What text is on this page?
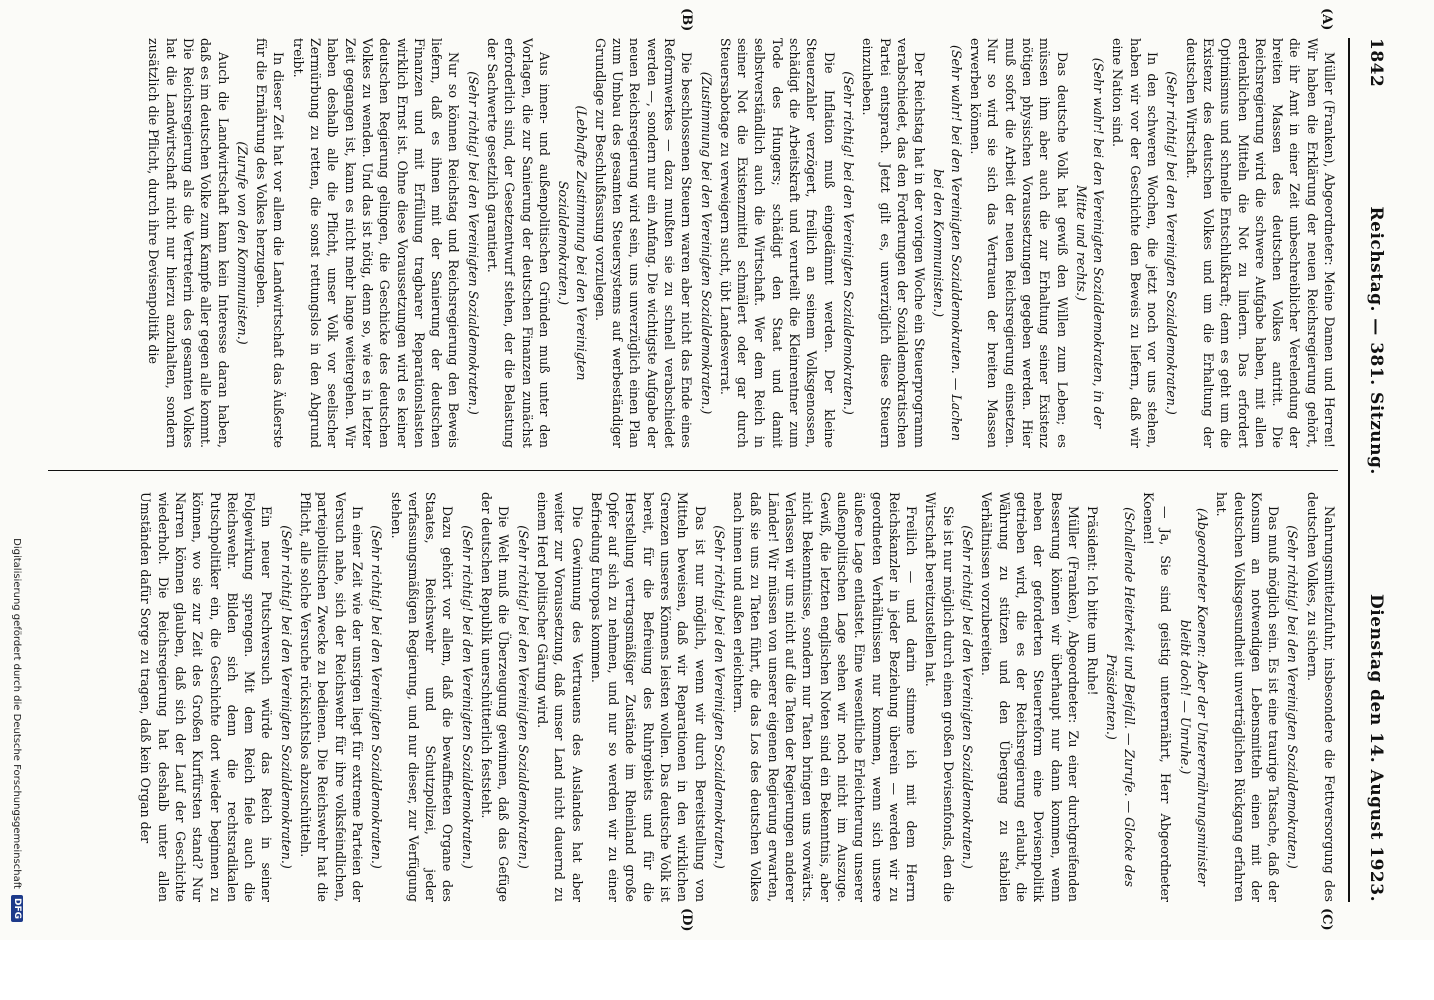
1842
Reichstag. — 381. Sitzung.
Dienstag den 14. August 1923.
(A)
(B)
(C)
(D)

Müller (Franken), Abgeordneter: Meine Damen und Herren! Wir haben die Erklärung der neuen Reichsregierung gehört, die ihr Amt in einer Zeit unbeschreiblicher Verelendung der breiten Massen des deutschen Volkes antritt. Die Reichsregierung wird die schwere Aufgabe haben, mit allen erdenklichen Mitteln die Not zu lindern. Das erfordert Optimismus und schnelle Entschlußkraft; denn es geht um die Existenz des deutschen Volkes und um die Erhaltung der deutschen Wirtschaft.

(Sehr richtig! bei den Vereinigten Sozialdemokraten.)

In den schweren Wochen, die jetzt noch vor uns stehen, haben wir vor der Geschichte den Beweis zu liefern, daß wir eine Nation sind.

(Sehr wahr! bei den Vereinigten Sozialdemokraten, in der Mitte und rechts.)

Das deutsche Volk hat gewiß den Willen zum Leben; es müssen ihm aber auch die zur Erhaltung seiner Existenz nötigen physischen Voraussetzungen gegeben werden. Hier muß sofort die Arbeit der neuen Reichsregierung einsetzen. Nur so wird sie sich das Vertrauen der breiten Massen erwerben können.

(Sehr wahr! bei den Vereinigten Sozialdemokraten. — Lachen bei den Kommunisten.)

Der Reichstag hat in der vorigen Woche ein Steuerprogramm verabschiedet, das den Forderungen der Sozialdemokratischen Partei entsprach. Jetzt gilt es, unverzüglich diese Steuern einzuheben.

(Sehr richtig! bei den Vereinigten Sozialdemokraten.)

Die Inflation muß eingedämmt werden. Der kleine Steuerzahler verzögert, freilich an seinem Volksgenossen, schädigt die Arbeitskraft und verurteilt die Kleinrentner zum Tode des Hungers; schädigt den Staat und damit selbstverständlich auch die Wirtschaft. Wer dem Reich in seiner Not die Existenzmittel schmälert oder gar durch Steuersabotage zu verweigern sucht, übt Landesverrat.

(Zustimmung bei den Vereinigten Sozialdemokraten.)

Die beschlossenen Steuern waren aber nicht das Ende eines Reformwerkes — dazu mußten sie zu schnell verabschiedet werden —, sondern nur ein Anfang. Die wichtigste Aufgabe der neuen Reichsregierung wird sein, uns unverzüglich einen Plan zum Umbau des gesamten Steuersystems auf werbeständiger Grundlage zur Beschlußfassung vorzulegen.

(Lebhafte Zustimmung bei den Vereinigten Sozialdemokraten.)

Aus innen- und außenpolitischen Gründen muß unter den Vorlagen, die zur Sanierung der deutschen Finanzen zunächst erforderlich sind, der Gesetzentwurf stehen, der die Belastung der Sachwerte gesetzlich garantiert.

(Sehr richtig! bei den Vereinigten Sozialdemokraten.)

Nur so können Reichstag und Reichsregierung den Beweis liefern, daß es ihnen mit der Sanierung der deutschen Finanzen und mit Erfüllung tragbarer Reparationslasten wirklich Ernst ist. Ohne diese Voraussetzungen wird es keiner deutschen Regierung gelingen, die Geschicke des deutschen Volkes zu wenden. Und das ist nötig, denn so, wie es in letzter Zeit gegangen ist, kann es nicht mehr lange weitergehen. Wir haben deshalb alle die Pflicht, unser Volk vor seelischer Zermürbung zu retten, die sonst rettungslos in den Abgrund treibt.

In dieser Zeit hat vor allem die Landwirtschaft das Äußerste für die Ernährung des Volkes herzugeben.

(Zurufe von den Kommunisten.)

Auch die Landwirtschaft kann kein Interesse daran haben, daß es im deutschen Volke zum Kampfe aller gegen alle kommt. Die Reichsregierung als die Vertreterin des gesamten Volkes hat die Landwirtschaft nicht nur hierzu anzuhalten, sondern zusätzlich die Pflicht, durch ihre Devisenpolitik die

Nahrungsmittelzufuhr, insbesondere die Fettversorgung des deutschen Volkes, zu sichern.

(Sehr richtig! bei den Vereinigten Sozialdemokraten.)

Das muß möglich sein. Es ist eine traurige Tatsache, daß der Konsum an notwendigen Lebensmitteln einen mit der deutschen Volksgesundheit unverträglichen Rückgang erfahren hat.

(Abgeordneter Koenen: Aber der Unterernährungsminister bleibt doch! — Unruhe.)

— Ja, Sie sind geistig unterernährt, Herr Abgeordneter Koenen!

(Schallende Heiterkeit und Beifall. — Zurufe. — Glocke des Präsidenten.)

Präsident: Ich bitte um Ruhe!

Müller (Franken), Abgeordneter: Zu einer durchgreifenden Besserung können wir überhaupt nur dann kommen, wenn neben der geforderten Steuerreform eine Devisenpolitik getrieben wird, die es der Reichsregierung erlaubt, die Währung zu stützen und den Übergang zu stabilen Verhältnissen vorzubereiten.

(Sehr richtig! bei den Vereinigten Sozialdemokraten.)

Sie ist nur möglich durch einen großen Devisenfonds, den die Wirtschaft bereitzustellen hat.

Freilich — und darin stimme ich mit dem Herrn Reichskanzler in jeder Beziehung überein — werden wir zu geordneten Verhältnissen nur kommen, wenn sich unsere äußere Lage entlastet. Eine wesentliche Erleichterung unserer außenpolitischen Lage sehen wir noch nicht im Auszuge. Gewiß, die letzten englischen Noten sind ein Bekenntnis, aber nicht Bekenntnisse, sondern nur Taten bringen uns vorwärts. Verlassen wir uns nicht auf die Taten der Regierungen anderer Länder! Wir müssen von unserer eigenen Regierung erwarten, daß sie uns zu Taten führt, die das Los des deutschen Volkes nach innen und außen erleichtern.

(Sehr richtig! bei den Vereinigten Sozialdemokraten.)

Das ist nur möglich, wenn wir durch Bereitstellung von Mitteln beweisen, daß wir Reparationen in den wirklichen Grenzen unseres Könnens leisten wollen. Das deutsche Volk ist bereit, für die Befreiung des Ruhrgebiets und für die Herstellung vertragsmäßiger Zustände im Rheinland große Opfer auf sich zu nehmen, und nur so werden wir zu einer Befriedung Europas kommen.

Die Gewinnung des Vertrauens des Auslandes hat aber weiter zur Voraussetzung, daß unser Land nicht dauernd zu einem Herd politischer Gärung wird.

(Sehr richtig! bei den Vereinigten Sozialdemokraten.)

Die Welt muß die Überzeugung gewinnen, daß das Gefüge der deutschen Republik unerschütterlich feststeht.

(Sehr richtig! bei den Vereinigten Sozialdemokraten.)

Dazu gehört vor allem, daß die bewaffneten Organe des Staates, Reichswehr und Schutzpolizei, jeder verfassungsmäßigen Regierung, und nur dieser, zur Verfügung stehen.

(Sehr richtig! bei den Vereinigten Sozialdemokraten.)

In einer Zeit wie der unsrigen liegt für extreme Parteien der Versuch nahe, sich der Reichswehr für ihre volksfeindlichen, parteipolitischen Zwecke zu bedienen. Die Reichswehr hat die Pflicht, alle solche Versuche rücksichtslos abzuschütteln.

(Sehr richtig! bei den Vereinigten Sozialdemokraten.)

Ein neuer Putschversuch würde das Reich in seiner Folgewirkung sprengen. Mit dem Reich fiele auch die Reichswehr. Bilden sich denn die rechtsradikalen Putschpolitiker ein, die Geschichte dort wieder beginnen zu können, wo sie zur Zeit des Großen Kurfürsten stand? Nur Narren können glauben, daß sich der Lauf der Geschichte wiederholt. Die Reichsregierung hat deshalb unter allen Umständen dafür Sorge zu tragen, daß kein Organ der

Digitalisierung gefördert durch die Deutsche Forschungsgemeinschaft
DFG
